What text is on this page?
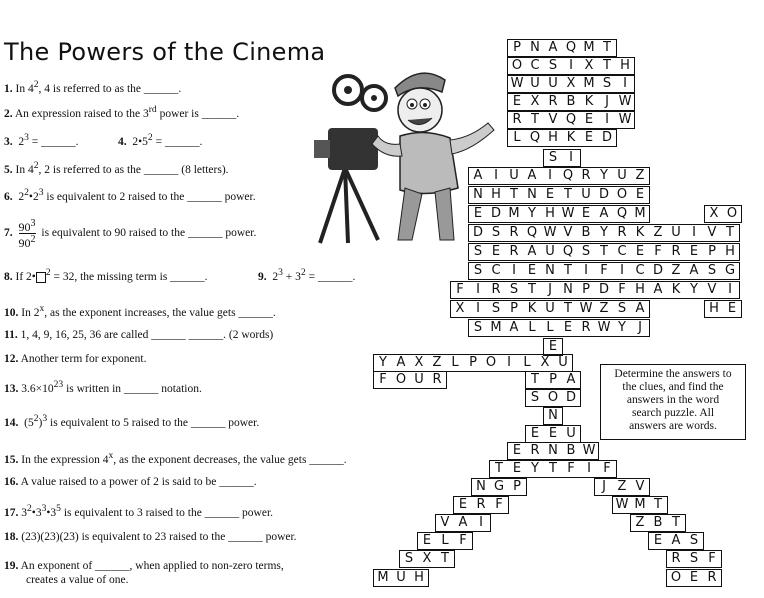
The Powers of the Cinema
1. In $4^2$, 4 is referred to as the ______.
2. An expression raised to the 3rd power is ______.
3. $2^3$ = ______.	4. $2•5^2$ = ______.
5. In $4^2$, 2 is referred to as the ______ (8 letters).
6. $2^2•2^3$ is equivalent to 2 raised to the ______ power.
7. $\frac{90^3}{90^2}$ is equivalent to 90 raised to the ______ power.
8. If 2• $^2$ = 32, the missing term is ______.	9. $2^3 + 3^2$ = ______.
10. In 2$^x$, as the exponent increases, the value gets ______.
11. 1, 4, 9, 16, 25, 36 are called ______ ______. (2 words)
12. Another term for exponent.
13. $3.6\times 10^{23}$ is written in ______ notation.
14. $(5^2)^3$ is equivalent to 5 raised to the ______ power.
15. In the expression 4$^x$, as the exponent decreases, the value gets ______.
16. A value raised to a power of 2 is said to be ______.
17. $3^2•3^3•3^5$ is equivalent to 3 raised to the ______ power.
18. (23)(23)(23) is equivalent to 23 raised to the ______ power.
19. An exponent of ______, when applied to non-zero terms,
creates a value of one.
P N A Q M T
O C S I X T H
W U U X M S I
E X R B K J W
R T V Q E I W
L Q H K E D
S I
A I U A I Q R Y U Z
N H T N E T U D O E
E D M Y H W E A Q M	X O
D S R Q W V B Y R K Z U I V T
S E R A U Q S T C E F R E P H
S C I E N T I F I C D Z A S G
F I R S T J N P D F H A K Y V I
X I S P K U T W Z S A	H E
S M A L L E R W Y J
E
Y A X Z L P O I L X U
F O U R	T P A
S O D
N
E E U
E R N B W
T E Y T F I F
N G P	J Z V
E R F	W M T
V A I	Z B T
E L F	E A S
S X T	R S F
M U H	O E R
Determine the answers to
the clues, and find the
answers in the word
search puzzle. All
answers are words.
